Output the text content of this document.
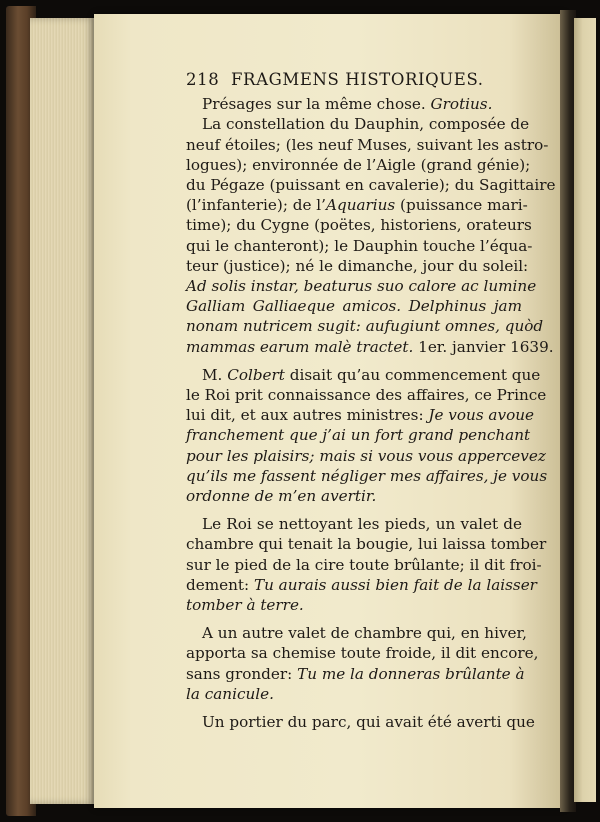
218 FRAGMENS HISTORIQUES.
Présages sur la même chose. Grotius.
La constellation du Dauphin, composée de
neuf étoiles; (les neuf Muses, suivant les astro-
logues); environnée de l’Aigle (grand génie);
du Pégaze (puissant en cavalerie); du Sagittaire
(l’infanterie); de l’Aquarius (puissance mari-
time); du Cygne (poëtes, historiens, orateurs
qui le chanteront); le Dauphin touche l’équa-
teur (justice); né le dimanche, jour du soleil:
Ad solis instar, beaturus suo calore ac lumine
Galliam Galliaeque amicos. Delphinus jam
nonam nutricem sugit: aufugiunt omnes, quòd
mammas earum malè tractet. 1er. janvier 1639.
M. Colbert disait qu’au commencement que
le Roi prit connaissance des affaires, ce Prince
lui dit, et aux autres ministres: Je vous avoue
franchement que j’ai un fort grand penchant
pour les plaisirs; mais si vous vous appercevez
qu’ils me fassent négliger mes affaires, je vous
ordonne de m’en avertir.
Le Roi se nettoyant les pieds, un valet de
chambre qui tenait la bougie, lui laissa tomber
sur le pied de la cire toute brûlante; il dit froi-
dement: Tu aurais aussi bien fait de la laisser
tomber à terre.
A un autre valet de chambre qui, en hiver,
apporta sa chemise toute froide, il dit encore,
sans gronder: Tu me la donneras brûlante à
la canicule.
Un portier du parc, qui avait été averti que
